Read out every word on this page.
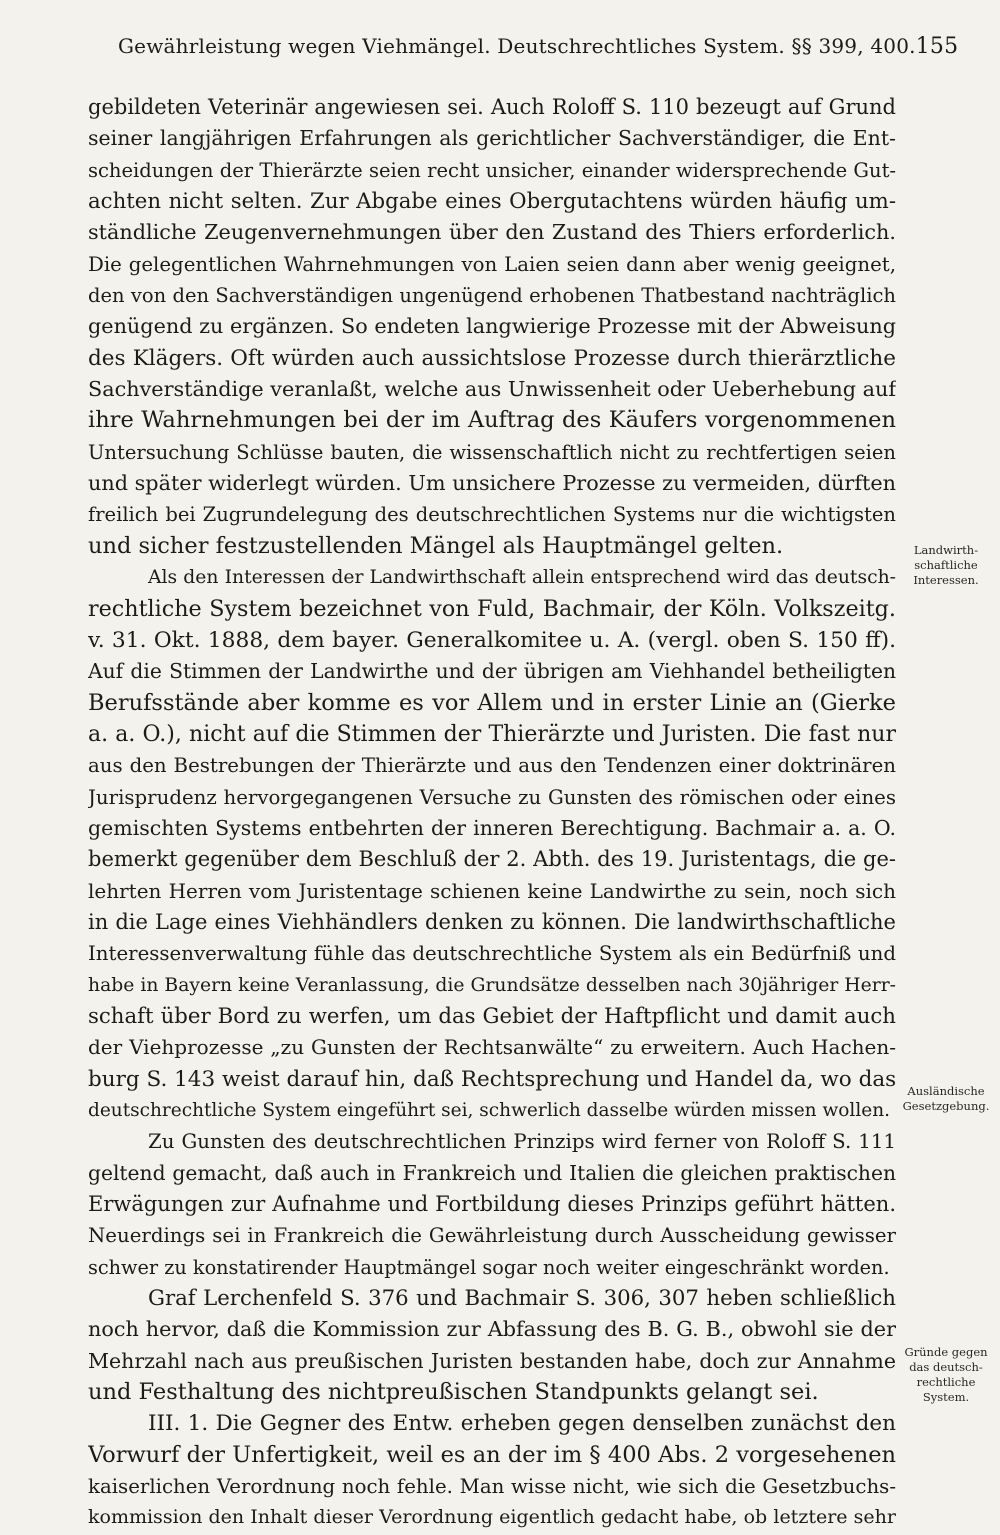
Gewährleistung wegen Viehmängel. Deutschrechtliches System. §§ 399, 400. 155
gebildeten Veterinär angewiesen sei. Auch Roloff S. 110 bezeugt auf Grund
seiner langjährigen Erfahrungen als gerichtlicher Sachverständiger, die Ent-
scheidungen der Thierärzte seien recht unsicher, einander widersprechende Gut-
achten nicht selten. Zur Abgabe eines Obergutachtens würden häufig um-
ständliche Zeugenvernehmungen über den Zustand des Thiers erforderlich.
Die gelegentlichen Wahrnehmungen von Laien seien dann aber wenig geeignet,
den von den Sachverständigen ungenügend erhobenen Thatbestand nachträglich
genügend zu ergänzen. So endeten langwierige Prozesse mit der Abweisung
des Klägers. Oft würden auch aussichtslose Prozesse durch thierärztliche
Sachverständige veranlaßt, welche aus Unwissenheit oder Ueberhebung auf
ihre Wahrnehmungen bei der im Auftrag des Käufers vorgenommenen
Untersuchung Schlüsse bauten, die wissenschaftlich nicht zu rechtfertigen seien
und später widerlegt würden. Um unsichere Prozesse zu vermeiden, dürften
freilich bei Zugrundelegung des deutschrechtlichen Systems nur die wichtigsten
und sicher festzustellenden Mängel als Hauptmängel gelten.
Als den Interessen der Landwirthschaft allein entsprechend wird das deutsch-
rechtliche System bezeichnet von Fuld, Bachmair, der Köln. Volkszeitg.
v. 31. Okt. 1888, dem bayer. Generalkomitee u. A. (vergl. oben S. 150 ff).
Auf die Stimmen der Landwirthe und der übrigen am Viehhandel betheiligten
Berufsstände aber komme es vor Allem und in erster Linie an (Gierke
a. a. O.), nicht auf die Stimmen der Thierärzte und Juristen. Die fast nur
aus den Bestrebungen der Thierärzte und aus den Tendenzen einer doktrinären
Jurisprudenz hervorgegangenen Versuche zu Gunsten des römischen oder eines
gemischten Systems entbehrten der inneren Berechtigung. Bachmair a. a. O.
bemerkt gegenüber dem Beschluß der 2. Abth. des 19. Juristentags, die ge-
lehrten Herren vom Juristentage schienen keine Landwirthe zu sein, noch sich
in die Lage eines Viehhändlers denken zu können. Die landwirthschaftliche
Interessenverwaltung fühle das deutschrechtliche System als ein Bedürfniß und
habe in Bayern keine Veranlassung, die Grundsätze desselben nach 30jähriger Herr-
schaft über Bord zu werfen, um das Gebiet der Haftpflicht und damit auch
der Viehprozesse „zu Gunsten der Rechtsanwälte“ zu erweitern. Auch Hachen-
burg S. 143 weist darauf hin, daß Rechtsprechung und Handel da, wo das
deutschrechtliche System eingeführt sei, schwerlich dasselbe würden missen wollen.
Zu Gunsten des deutschrechtlichen Prinzips wird ferner von Roloff S. 111
geltend gemacht, daß auch in Frankreich und Italien die gleichen praktischen
Erwägungen zur Aufnahme und Fortbildung dieses Prinzips geführt hätten.
Neuerdings sei in Frankreich die Gewährleistung durch Ausscheidung gewisser
schwer zu konstatirender Hauptmängel sogar noch weiter eingeschränkt worden.
Graf Lerchenfeld S. 376 und Bachmair S. 306, 307 heben schließlich
noch hervor, daß die Kommission zur Abfassung des B. G. B., obwohl sie der
Mehrzahl nach aus preußischen Juristen bestanden habe, doch zur Annahme
und Festhaltung des nichtpreußischen Standpunkts gelangt sei.
III. 1. Die Gegner des Entw. erheben gegen denselben zunächst den
Vorwurf der Unfertigkeit, weil es an der im § 400 Abs. 2 vorgesehenen
kaiserlichen Verordnung noch fehle. Man wisse nicht, wie sich die Gesetzbuchs-
kommission den Inhalt dieser Verordnung eigentlich gedacht habe, ob letztere sehr
Landwirth-
schaftliche
Interessen.
Ausländische
Gesetzgebung.
Gründe gegen
das deutsch-
rechtliche
System.
